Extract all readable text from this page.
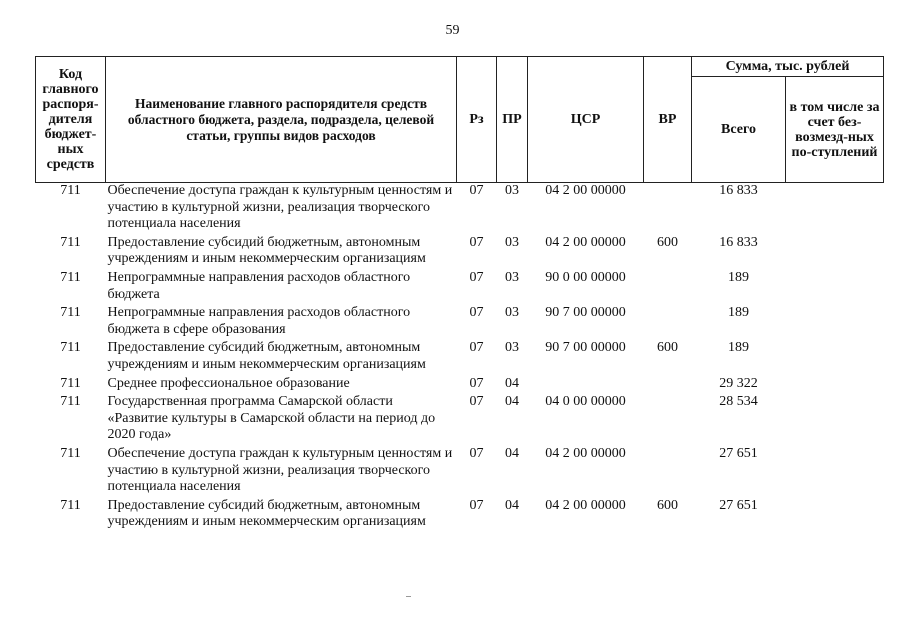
59
Код главного распоря-дителя бюджет-ных средств	Наименование главного распорядителя средств областного бюджета, раздела, подраздела, целевой статьи, группы видов расходов	Рз	ПР	ЦСР	ВР	Сумма, тыс. рублей	
						Всего	в том числе за счет без-возмезд-ных по-ступлений
711	Обеспечение доступа граждан к культурным ценностям и участию в культурной жизни, реализация творческого потенциала населения	07	03	04 2 00 00000		16 833	
711	Предоставление субсидий бюджетным, автономным учреждениям и иным некоммерческим организациям	07	03	04 2 00 00000	600	16 833	
711	Непрограммные направления расходов областного бюджета	07	03	90 0 00 00000		189	
711	Непрограммные направления расходов областного бюджета в сфере образования	07	03	90 7 00 00000		189	
711	Предоставление субсидий бюджетным, автономным учреждениям и иным некоммерческим организациям	07	03	90 7 00 00000	600	189	
711	Среднее профессиональное образование	07	04			29 322	
711	Государственная программа Самарской области «Развитие культуры в Самарской области на период до 2020 года»	07	04	04 0 00 00000		28 534	
711	Обеспечение доступа граждан к культурным ценностям и участию в культурной жизни, реализация творческого потенциала населения	07	04	04 2 00 00000		27 651	
711	Предоставление субсидий бюджетным, автономным учреждениям и иным некоммерческим организациям	07	04	04 2 00 00000	600	27 651	
